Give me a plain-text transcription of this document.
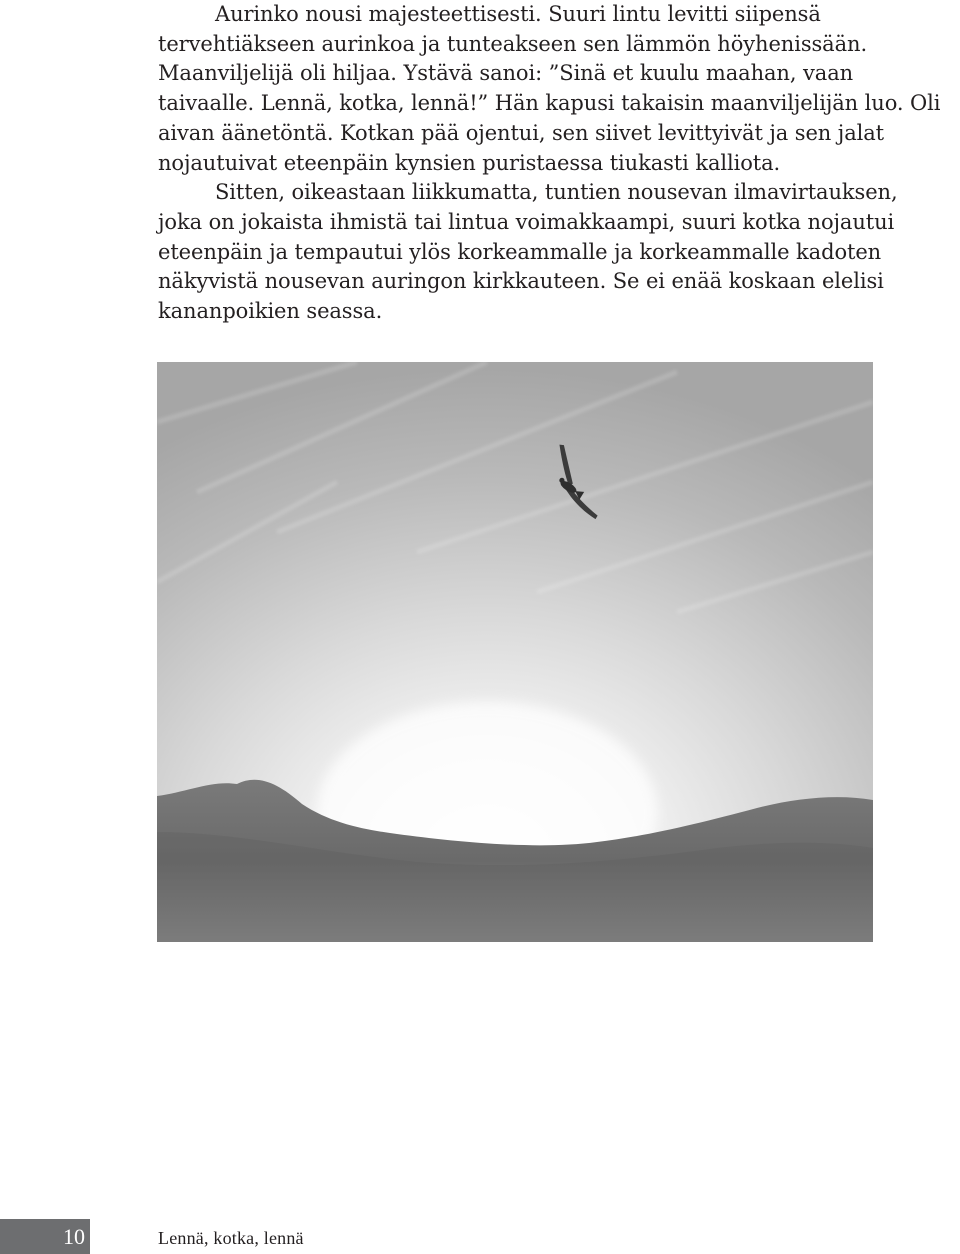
Aurinko nousi majesteettisesti. Suuri lintu levitti siipensä tervehtiäkseen aurinkoa ja tunteakseen sen lämmön höyhenissään. Maanviljelijä oli hiljaa. Ystävä sanoi: ”Sinä et kuulu maahan, vaan taivaalle. Lennä, kotka, lennä!” Hän kapusi takaisin maanviljelijän luo. Oli aivan äänetöntä. Kotkan pää ojentui, sen siivet levittyivät ja sen jalat nojautuivat eteenpäin kynsien puristaessa tiukasti kalliota.

Sitten, oikeastaan liikkumatta, tuntien nousevan ilmavirtauksen, joka on jokaista ihmistä tai lintua voimakkaampi, suuri kotka nojautui eteenpäin ja tempautui ylös korkeammalle ja korkeammalle kadoten näkyvistä nousevan auringon kirkkauteen. Se ei enää koskaan elelisi kananpoikien seassa.

10	Lennä, kotka, lennä
